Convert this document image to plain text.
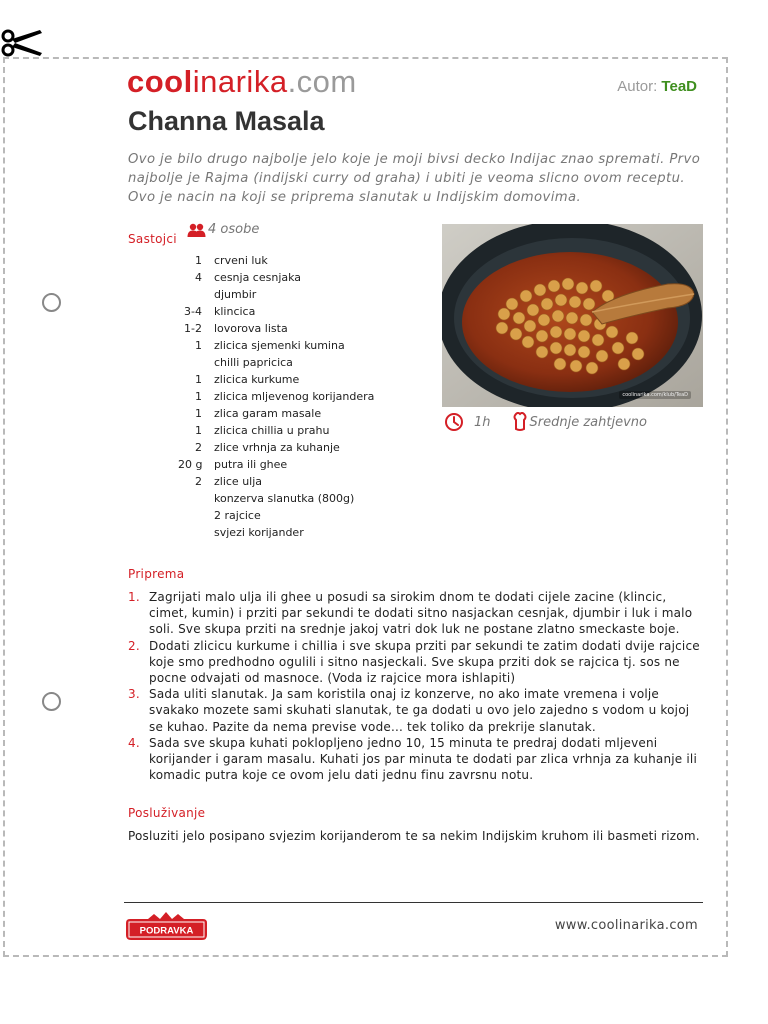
coolinarika.com	Autor: TeaD
Channa Masala

Ovo je bilo drugo najbolje jelo koje je moji bivsi decko Indijac znao spremati. Prvo najbolje je Rajma (indijski curry od graha) i ubiti je veoma slicno ovom receptu. Ovo je nacin na koji se priprema slanutak u Indijskim domovima.

Sastojci
4 osobe
1	crveni luk
4	cesnja cesnjaka
djumbir
3-4	klincica
1-2	lovorova lista
1	zlicica sjemenki kumina
chilli papricica
1	zlicica kurkume
1	zlicica mljevenog korijandera
1	zlica garam masale
1	zlicica chillia u prahu
2	zlice vrhnja za kuhanje
20 g	putra ili ghee
2	zlice ulja
konzerva slanutka (800g)
2 rajcice
svjezi korijander
coolinarika.com/klub/TeaD
1h	Srednje zahtjevno
Priprema
1. Zagrijati malo ulja ili ghee u posudi sa sirokim dnom te dodati cijele zacine (klincic, cimet, kumin) i prziti par sekundi te dodati sitno nasjackan cesnjak, djumbir i luk i malo soli. Sve skupa prziti na srednje jakoj vatri dok luk ne postane zlatno smeckaste boje.
2. Dodati zlicicu kurkume i chillia i sve skupa prziti par sekundi te zatim dodati dvije rajcice koje smo predhodno ogulili i sitno nasjeckali. Sve skupa prziti dok se rajcica tj. sos ne pocne odvajati od masnoce. (Voda iz rajcice mora ishlapiti)
3. Sada uliti slanutak. Ja sam koristila onaj iz konzerve, no ako imate vremena i volje svakako mozete sami skuhati slanutak, te ga dodati u ovo jelo zajedno s vodom u kojoj se kuhao. Pazite da nema previse vode... tek toliko da prekrije slanutak.
4. Sada sve skupa kuhati poklopljeno jedno 10, 15 minuta te predraj dodati mljeveni korijander i garam masalu. Kuhati jos par minuta te dodati par zlica vrhnja za kuhanje ili komadic putra koje ce ovom jelu dati jednu finu zavrsnu notu.
Posluživanje

Posluziti jelo posipano svjezim korijanderom te sa nekim Indijskim kruhom ili basmeti rizom.

PODRAVKA	www.coolinarika.com
